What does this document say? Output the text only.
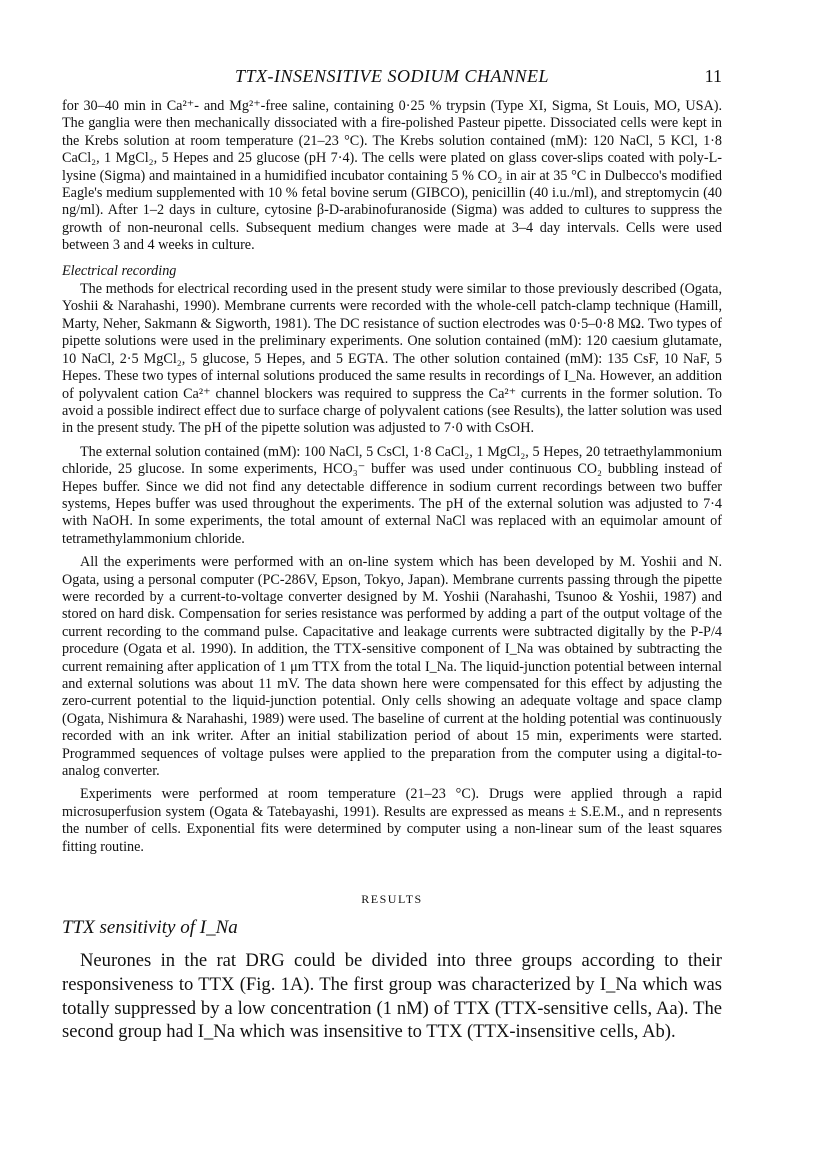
TTX-INSENSITIVE SODIUM CHANNEL	11

for 30–40 min in Ca²⁺- and Mg²⁺-free saline, containing 0·25 % trypsin (Type XI, Sigma, St Louis, MO, USA). The ganglia were then mechanically dissociated with a fire-polished Pasteur pipette. Dissociated cells were kept in the Krebs solution at room temperature (21–23 °C). The Krebs solution contained (mM): 120 NaCl, 5 KCl, 1·8 CaCl₂, 1 MgCl₂, 5 Hepes and 25 glucose (pH 7·4). The cells were plated on glass cover-slips coated with poly-L-lysine (Sigma) and maintained in a humidified incubator containing 5 % CO₂ in air at 35 °C in Dulbecco's modified Eagle's medium supplemented with 10 % fetal bovine serum (GIBCO), penicillin (40 i.u./ml), and streptomycin (40 ng/ml). After 1–2 days in culture, cytosine β-D-arabinofuranoside (Sigma) was added to cultures to suppress the growth of non-neuronal cells. Subsequent medium changes were made at 3–4 day intervals. Cells were used between 3 and 4 weeks in culture.

Electrical recording

The methods for electrical recording used in the present study were similar to those previously described (Ogata, Yoshii & Narahashi, 1990). Membrane currents were recorded with the whole-cell patch-clamp technique (Hamill, Marty, Neher, Sakmann & Sigworth, 1981). The DC resistance of suction electrodes was 0·5–0·8 MΩ. Two types of pipette solutions were used in the preliminary experiments. One solution contained (mM): 120 caesium glutamate, 10 NaCl, 2·5 MgCl₂, 5 glucose, 5 Hepes, and 5 EGTA. The other solution contained (mM): 135 CsF, 10 NaF, 5 Hepes. These two types of internal solutions produced the same results in recordings of I_Na. However, an addition of polyvalent cation Ca²⁺ channel blockers was required to suppress the Ca²⁺ currents in the former solution. To avoid a possible indirect effect due to surface charge of polyvalent cations (see Results), the latter solution was used in the present study. The pH of the pipette solution was adjusted to 7·0 with CsOH.

The external solution contained (mM): 100 NaCl, 5 CsCl, 1·8 CaCl₂, 1 MgCl₂, 5 Hepes, 20 tetraethylammonium chloride, 25 glucose. In some experiments, HCO₃⁻ buffer was used under continuous CO₂ bubbling instead of Hepes buffer. Since we did not find any detectable difference in sodium current recordings between two buffer systems, Hepes buffer was used throughout the experiments. The pH of the external solution was adjusted to 7·4 with NaOH. In some experiments, the total amount of external NaCl was replaced with an equimolar amount of tetramethylammonium chloride.

All the experiments were performed with an on-line system which has been developed by M. Yoshii and N. Ogata, using a personal computer (PC-286V, Epson, Tokyo, Japan). Membrane currents passing through the pipette were recorded by a current-to-voltage converter designed by M. Yoshii (Narahashi, Tsunoo & Yoshii, 1987) and stored on hard disk. Compensation for series resistance was performed by adding a part of the output voltage of the current recording to the command pulse. Capacitative and leakage currents were subtracted digitally by the P-P/4 procedure (Ogata et al. 1990). In addition, the TTX-sensitive component of I_Na was obtained by subtracting the current remaining after application of 1 μm TTX from the total I_Na. The liquid-junction potential between internal and external solutions was about 11 mV. The data shown here were compensated for this effect by adjusting the zero-current potential to the liquid-junction potential. Only cells showing an adequate voltage and space clamp (Ogata, Nishimura & Narahashi, 1989) were used. The baseline of current at the holding potential was continuously recorded with an ink writer. After an initial stabilization period of about 15 min, experiments were started. Programmed sequences of voltage pulses were applied to the preparation from the computer using a digital-to-analog converter.

Experiments were performed at room temperature (21–23 °C). Drugs were applied through a rapid microsuperfusion system (Ogata & Tatebayashi, 1991). Results are expressed as means ± S.E.M., and n represents the number of cells. Exponential fits were determined by computer using a non-linear sum of the least squares fitting routine.

RESULTS
TTX sensitivity of I_Na

Neurones in the rat DRG could be divided into three groups according to their responsiveness to TTX (Fig. 1A). The first group was characterized by I_Na which was totally suppressed by a low concentration (1 nM) of TTX (TTX-sensitive cells, Aa). The second group had I_Na which was insensitive to TTX (TTX-insensitive cells, Ab).
